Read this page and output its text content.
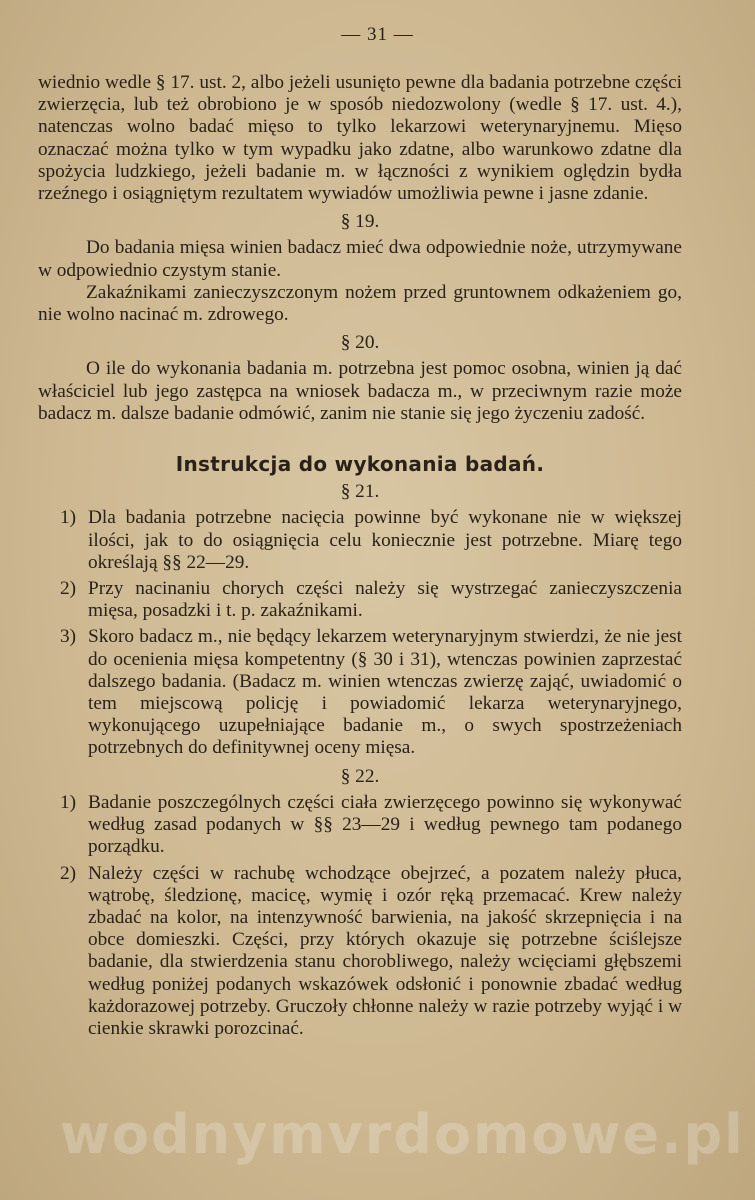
— 31 —

wiednio wedle § 17. ust. 2, albo jeżeli usunięto pewne dla badania potrzebne części zwierzęcia, lub też obrobiono je w sposób niedozwolony (wedle § 17. ust. 4.), natenczas wolno badać mięso to tylko lekarzowi weterynaryjnemu. Mięso oznaczać można tylko w tym wypadku jako zdatne, albo warunkowo zdatne dla spożycia ludzkiego, jeżeli badanie m. w łączności z wynikiem oględzin bydła rzeźnego i osiągniętym rezultatem wywiadów umożliwia pewne i jasne zdanie.

§ 19.

Do badania mięsa winien badacz mieć dwa odpowiednie noże, utrzymywane w odpowiednio czystym stanie.

Zakaźnikami zanieczyszczonym nożem przed gruntownem odkażeniem go, nie wolno nacinać m. zdrowego.

§ 20.

O ile do wykonania badania m. potrzebna jest pomoc osobna, winien ją dać właściciel lub jego zastępca na wniosek badacza m., w przeciwnym razie może badacz m. dalsze badanie odmówić, zanim nie stanie się jego życzeniu zadość.

Instrukcja do wykonania badań.
§ 21.
1) Dla badania potrzebne nacięcia powinne być wykonane nie w większej ilości, jak to do osiągnięcia celu koniecznie jest potrzebne. Miarę tego określają §§ 22—29.
2) Przy nacinaniu chorych części należy się wystrzegać zanieczyszczenia mięsa, posadzki i t. p. zakaźnikami.
3) Skoro badacz m., nie będący lekarzem weterynaryjnym stwierdzi, że nie jest do ocenienia mięsa kompetentny (§ 30 i 31), wtenczas powinien zaprzestać dalszego badania. (Badacz m. winien wtenczas zwierzę zająć, uwiadomić o tem miejscową policję i powiadomić lekarza weterynaryjnego, wykonującego uzupełniające badanie m., o swych spostrzeżeniach potrzebnych do definitywnej oceny mięsa.
§ 22.
1) Badanie poszczególnych części ciała zwierzęcego powinno się wykonywać według zasad podanych w §§ 23—29 i według pewnego tam podanego porządku.
2) Należy części w rachubę wchodzące obejrzeć, a pozatem należy płuca, wątrobę, śledzionę, macicę, wymię i ozór ręką przemacać. Krew należy zbadać na kolor, na intenzywność barwienia, na jakość skrzepnięcia i na obce domieszki. Części, przy których okazuje się potrzebne ściślejsze badanie, dla stwierdzenia stanu chorobliwego, należy wcięciami głębszemi według poniżej podanych wskazówek odsłonić i ponownie zbadać według każdorazowej potrzeby. Gruczoły chłonne należy w razie potrzeby wyjąć i w cienkie skrawki porozcinać.
wodnymvrdomowe.pl
